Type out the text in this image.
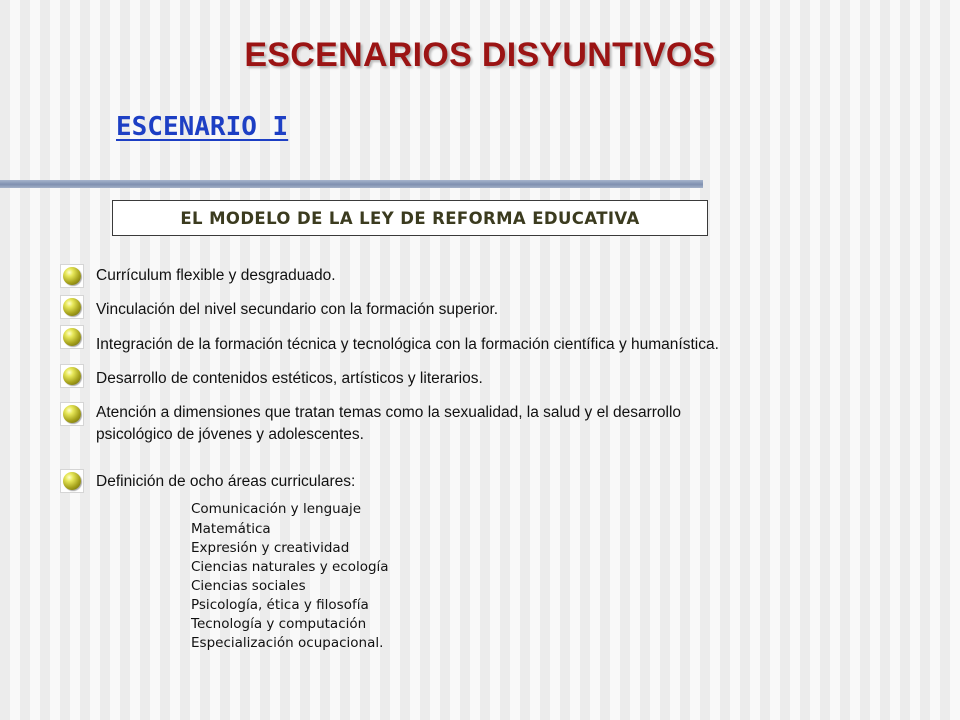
ESCENARIOS DISYUNTIVOS
ESCENARIO I
EL MODELO DE LA LEY DE REFORMA EDUCATIVA
Currículum flexible y desgraduado.
Vinculación del nivel secundario con la formación superior.
Integración de la formación técnica y tecnológica con la formación científica y humanística.
Desarrollo de contenidos estéticos, artísticos y literarios.
Atención a dimensiones que tratan temas como la sexualidad, la salud y el desarrollo
psicológico de jóvenes y adolescentes.
Definición de ocho áreas curriculares:
Comunicación y lenguaje
Matemática
Expresión y creatividad
Ciencias naturales y ecología
Ciencias sociales
Psicología, ética y filosofía
Tecnología y computación
Especialización ocupacional.
